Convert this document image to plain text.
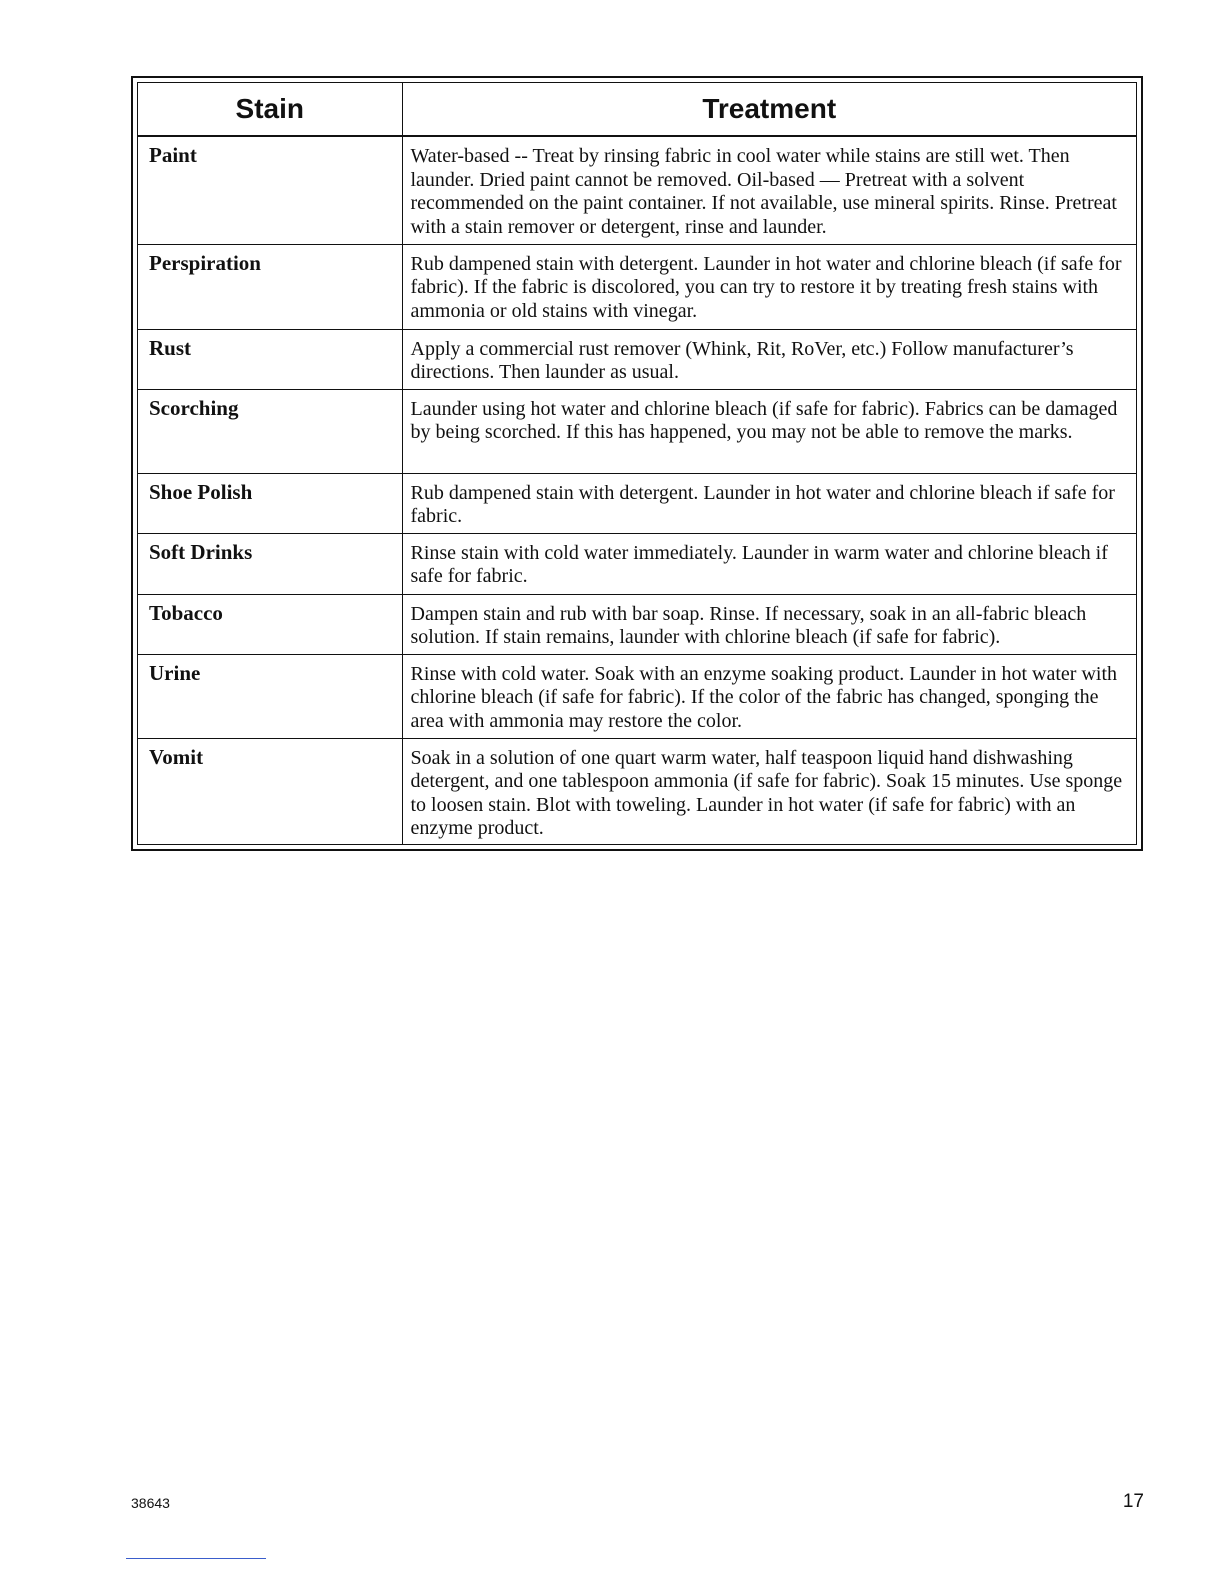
Stain	Treatment
Paint	Water-based -- Treat by rinsing fabric in cool water while stains are still wet. Then launder. Dried paint cannot be removed. Oil-based — Pretreat with a solvent recommended on the paint container. If not available, use mineral spirits. Rinse. Pretreat with a stain remover or detergent, rinse and launder.
Perspiration	Rub dampened stain with detergent. Launder in hot water and chlorine bleach (if safe for fabric). If the fabric is discolored, you can try to restore it by treating fresh stains with ammonia or old stains with vinegar.
Rust	Apply a commercial rust remover (Whink, Rit, RoVer, etc.) Follow manufacturer’s directions. Then launder as usual.
Scorching	Launder using hot water and chlorine bleach (if safe for fabric). Fabrics can be damaged by being scorched. If this has happened, you may not be able to remove the marks.
Shoe Polish	Rub dampened stain with detergent. Launder in hot water and chlorine bleach if safe for fabric.
Soft Drinks	Rinse stain with cold water immediately. Launder in warm water and chlorine bleach if safe for fabric.
Tobacco	Dampen stain and rub with bar soap. Rinse. If necessary, soak in an all-fabric bleach solution. If stain remains, launder with chlorine bleach (if safe for fabric).
Urine	Rinse with cold water. Soak with an enzyme soaking product. Launder in hot water with chlorine bleach (if safe for fabric). If the color of the fabric has changed, sponging the area with ammonia may restore the color.
Vomit	Soak in a solution of one quart warm water, half teaspoon liquid hand dishwashing detergent, and one tablespoon ammonia (if safe for fabric). Soak 15 minutes. Use sponge to loosen stain. Blot with toweling. Launder in hot water (if safe for fabric) with an enzyme product.
38643	17
